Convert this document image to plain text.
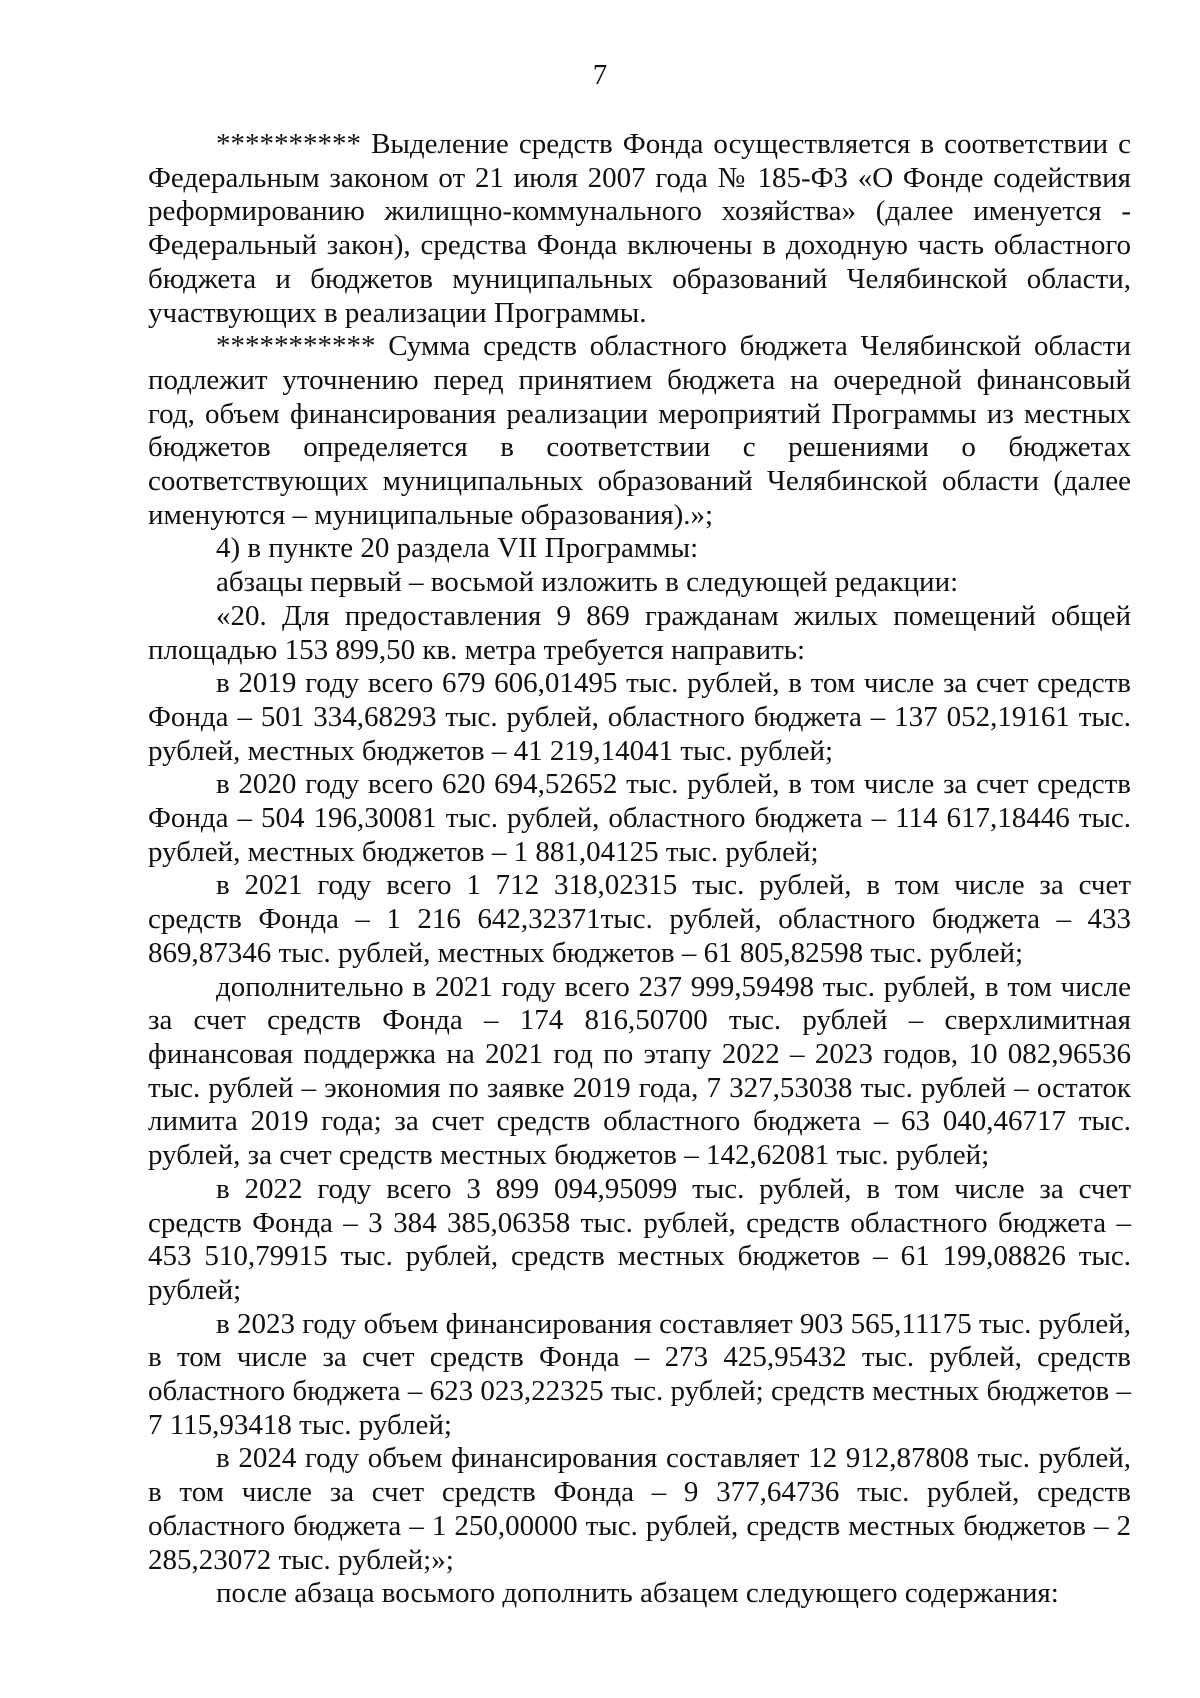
7

********** Выделение средств Фонда осуществляется в соответствии с Федеральным законом от 21 июля 2007 года № 185-ФЗ «О Фонде содействия реформированию жилищно-коммунального хозяйства» (далее именуется - Федеральный закон), средства Фонда включены в доходную часть областного бюджета и бюджетов муниципальных образований Челябинской области, участвующих в реализации Программы.

*********** Сумма средств областного бюджета Челябинской области подлежит уточнению перед принятием бюджета на очередной финансовый год, объем финансирования реализации мероприятий Программы из местных бюджетов определяется в соответствии с решениями о бюджетах соответствующих муниципальных образований Челябинской области (далее именуются – муниципальные образования).»;

4) в пункте 20 раздела VII Программы:

абзацы первый – восьмой изложить в следующей редакции:

«20. Для предоставления 9 869 гражданам жилых помещений общей площадью 153 899,50 кв. метра требуется направить:

в 2019 году всего 679 606,01495 тыс. рублей, в том числе за счет средств Фонда – 501 334,68293 тыс. рублей, областного бюджета – 137 052,19161 тыс. рублей, местных бюджетов – 41 219,14041 тыс. рублей;

в 2020 году всего 620 694,52652 тыс. рублей, в том числе за счет средств Фонда – 504 196,30081 тыс. рублей, областного бюджета – 114 617,18446 тыс. рублей, местных бюджетов – 1 881,04125 тыс. рублей;

в 2021 году всего 1 712 318,02315 тыс. рублей, в том числе за счет средств Фонда – 1 216 642,32371тыс. рублей, областного бюджета – 433 869,87346 тыс. рублей, местных бюджетов – 61 805,82598 тыс. рублей;

дополнительно в 2021 году всего 237 999,59498 тыс. рублей, в том числе за счет средств Фонда – 174 816,50700 тыс. рублей – сверхлимитная финансовая поддержка на 2021 год по этапу 2022 – 2023 годов, 10 082,96536 тыс. рублей – экономия по заявке 2019 года, 7 327,53038 тыс. рублей – остаток лимита 2019 года; за счет средств областного бюджета – 63 040,46717 тыс. рублей, за счет средств местных бюджетов – 142,62081 тыс. рублей;

в 2022 году всего 3 899 094,95099 тыс. рублей, в том числе за счет средств Фонда – 3 384 385,06358 тыс. рублей, средств областного бюджета – 453 510,79915 тыс. рублей, средств местных бюджетов – 61 199,08826 тыс. рублей;

в 2023 году объем финансирования составляет 903 565,11175 тыс. рублей, в том числе за счет средств Фонда – 273 425,95432 тыс. рублей, средств областного бюджета – 623 023,22325 тыс. рублей; средств местных бюджетов – 7 115,93418 тыс. рублей;

в 2024 году объем финансирования составляет 12 912,87808 тыс. рублей, в том числе за счет средств Фонда – 9 377,64736 тыс. рублей, средств областного бюджета – 1 250,00000 тыс. рублей, средств местных бюджетов – 2 285,23072 тыс. рублей;»;

после абзаца восьмого дополнить абзацем следующего содержания:
